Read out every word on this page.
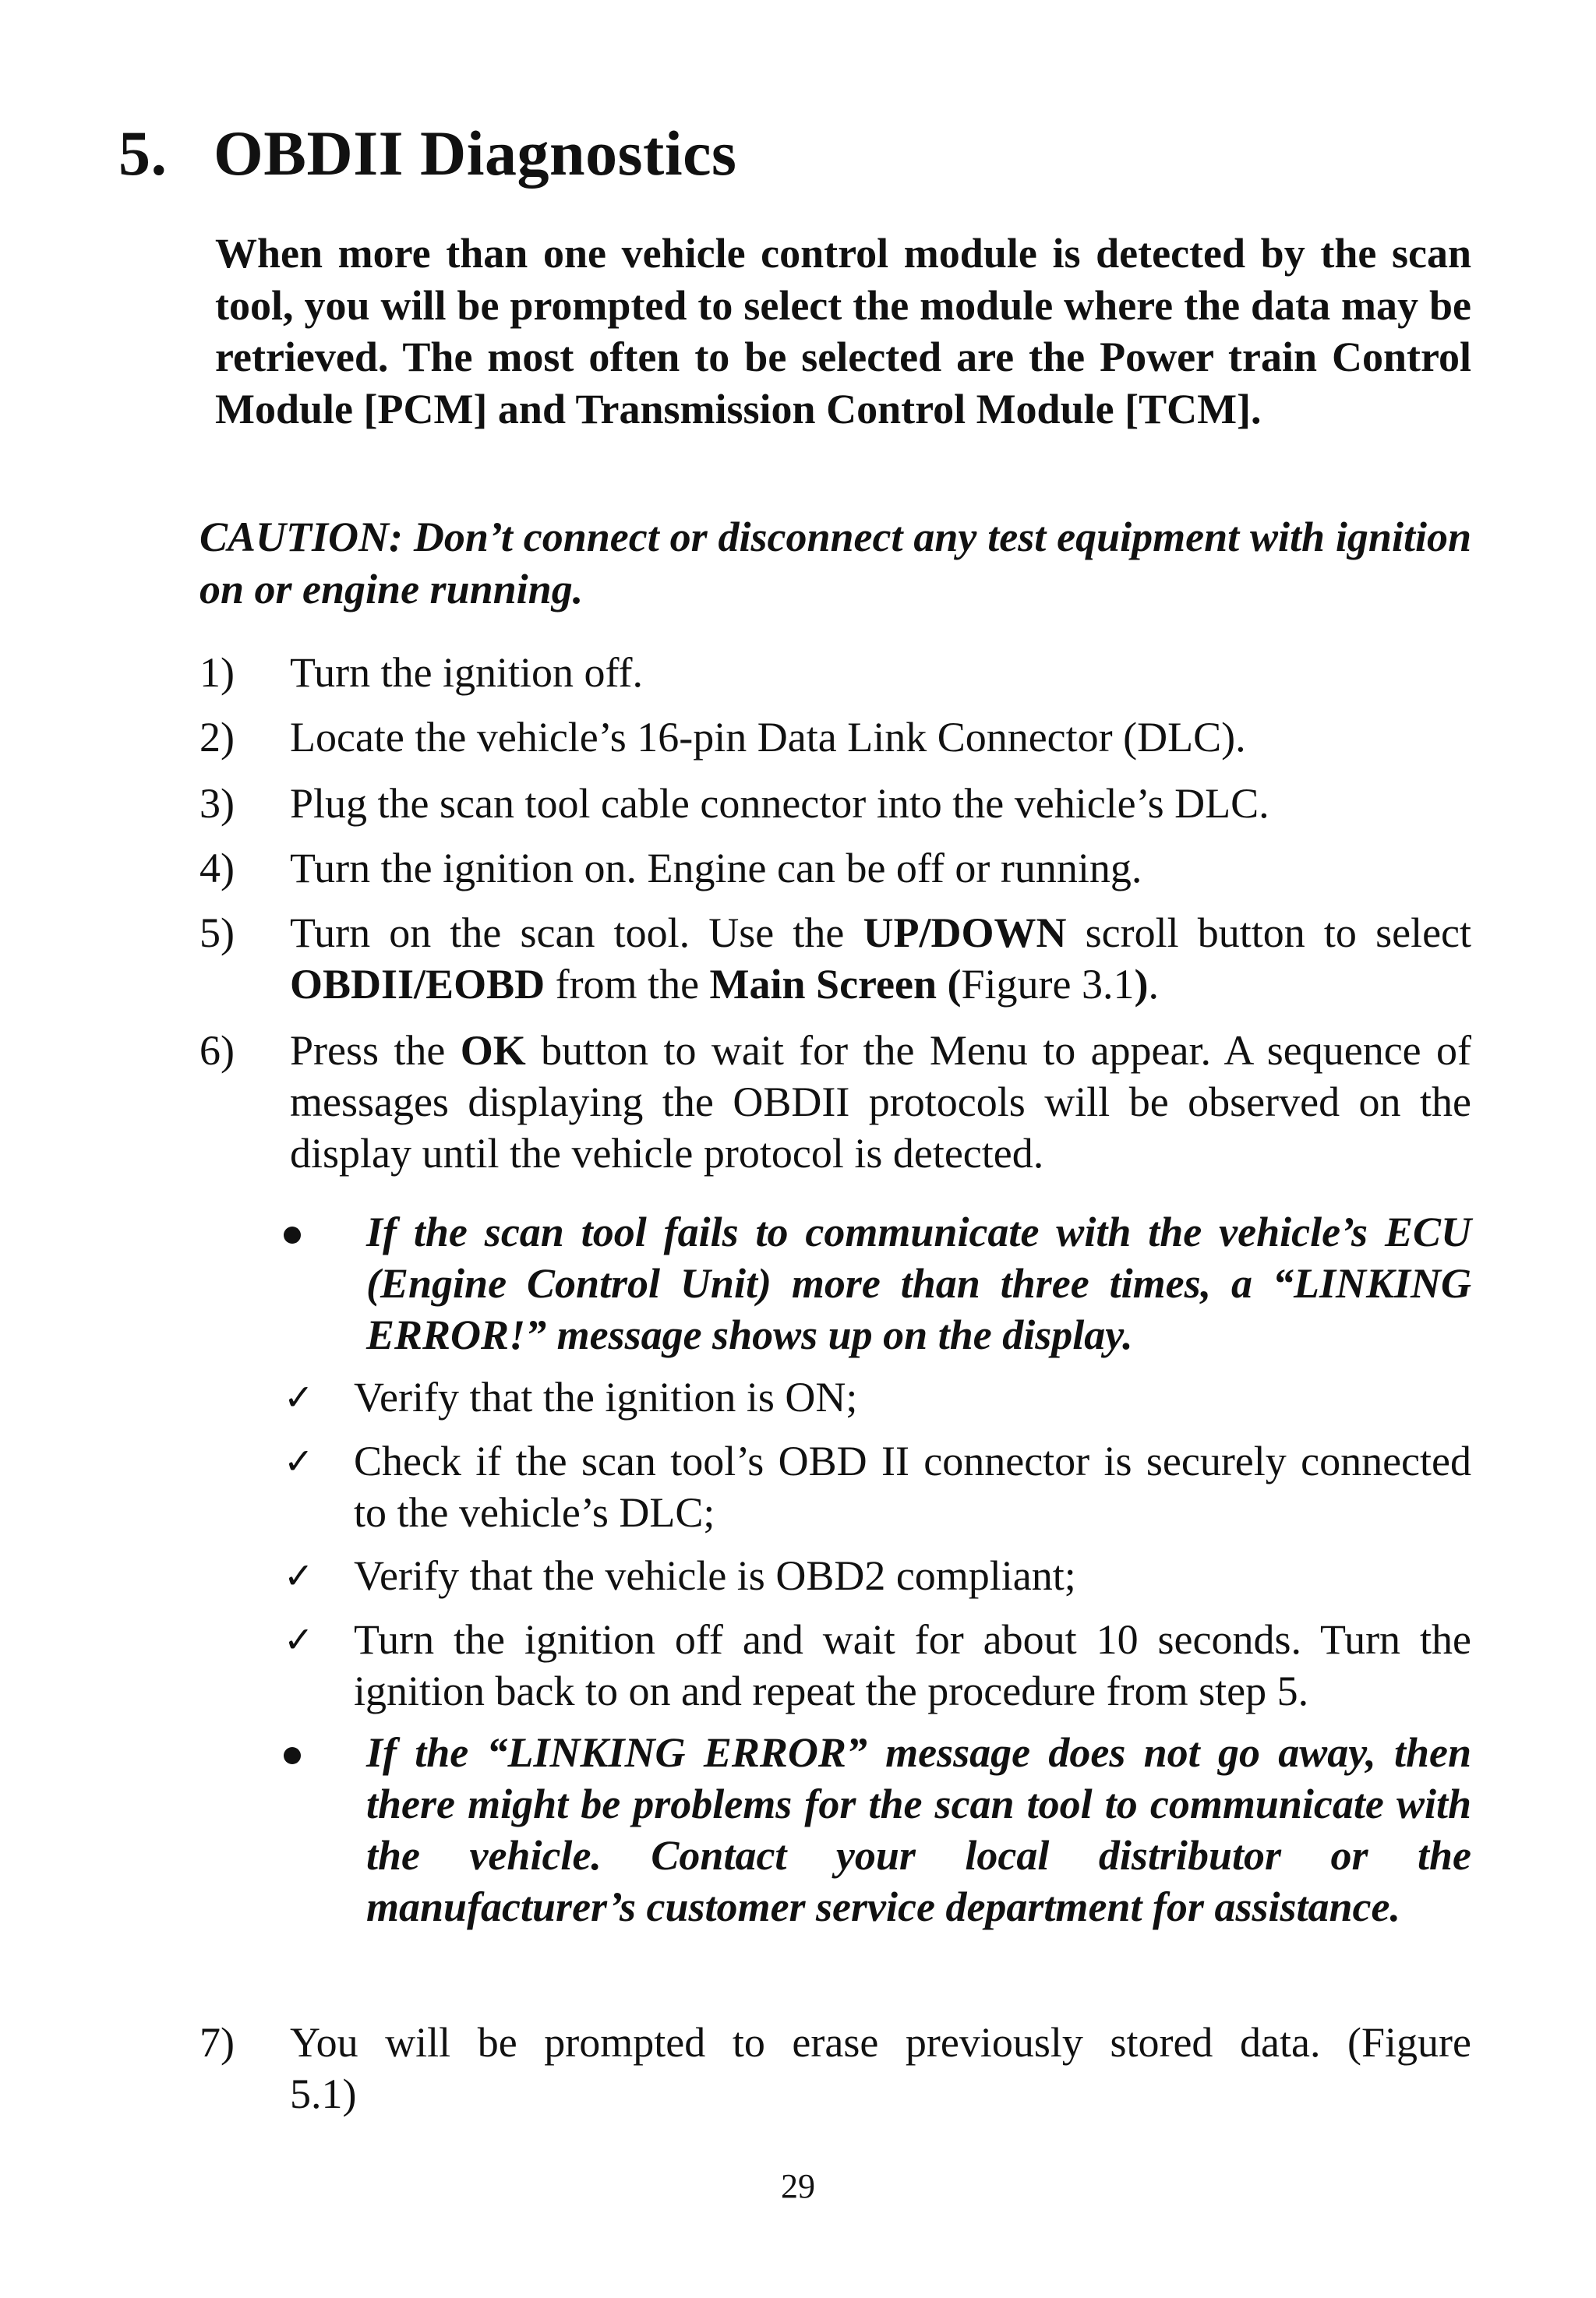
5. OBDII Diagnostics

When more than one vehicle control module is detected by the scan tool, you will be prompted to select the module where the data may be retrieved. The most often to be selected are the Power train Control Module [PCM] and Transmission Control Module [TCM].

CAUTION: Don’t connect or disconnect any test equipment with ignition on or engine running.

1)	Turn the ignition off.
2)	Locate the vehicle’s 16-pin Data Link Connector (DLC).
3)	Plug the scan tool cable connector into the vehicle’s DLC.
4)	Turn the ignition on. Engine can be off or running.
5)	Turn on the scan tool. Use the UP/DOWN scroll button to select OBDII/EOBD from the Main Screen (Figure 3.1).
6)	Press the OK button to wait for the Menu to appear. A sequence of messages displaying the OBDII protocols will be observed on the display until the vehicle protocol is detected.
If the scan tool fails to communicate with the vehicle’s ECU (Engine Control Unit) more than three times, a “LINKING ERROR!” message shows up on the display.
✓ Verify that the ignition is ON;
✓ Check if the scan tool’s OBD II connector is securely connected to the vehicle’s DLC;
✓ Verify that the vehicle is OBD2 compliant;
✓ Turn the ignition off and wait for about 10 seconds. Turn the ignition back to on and repeat the procedure from step 5.
If the “LINKING ERROR” message does not go away, then there might be problems for the scan tool to communicate with the vehicle. Contact your local distributor or the manufacturer’s customer service department for assistance.
7)	You will be prompted to erase previously stored data. (Figure
5.1)
29
